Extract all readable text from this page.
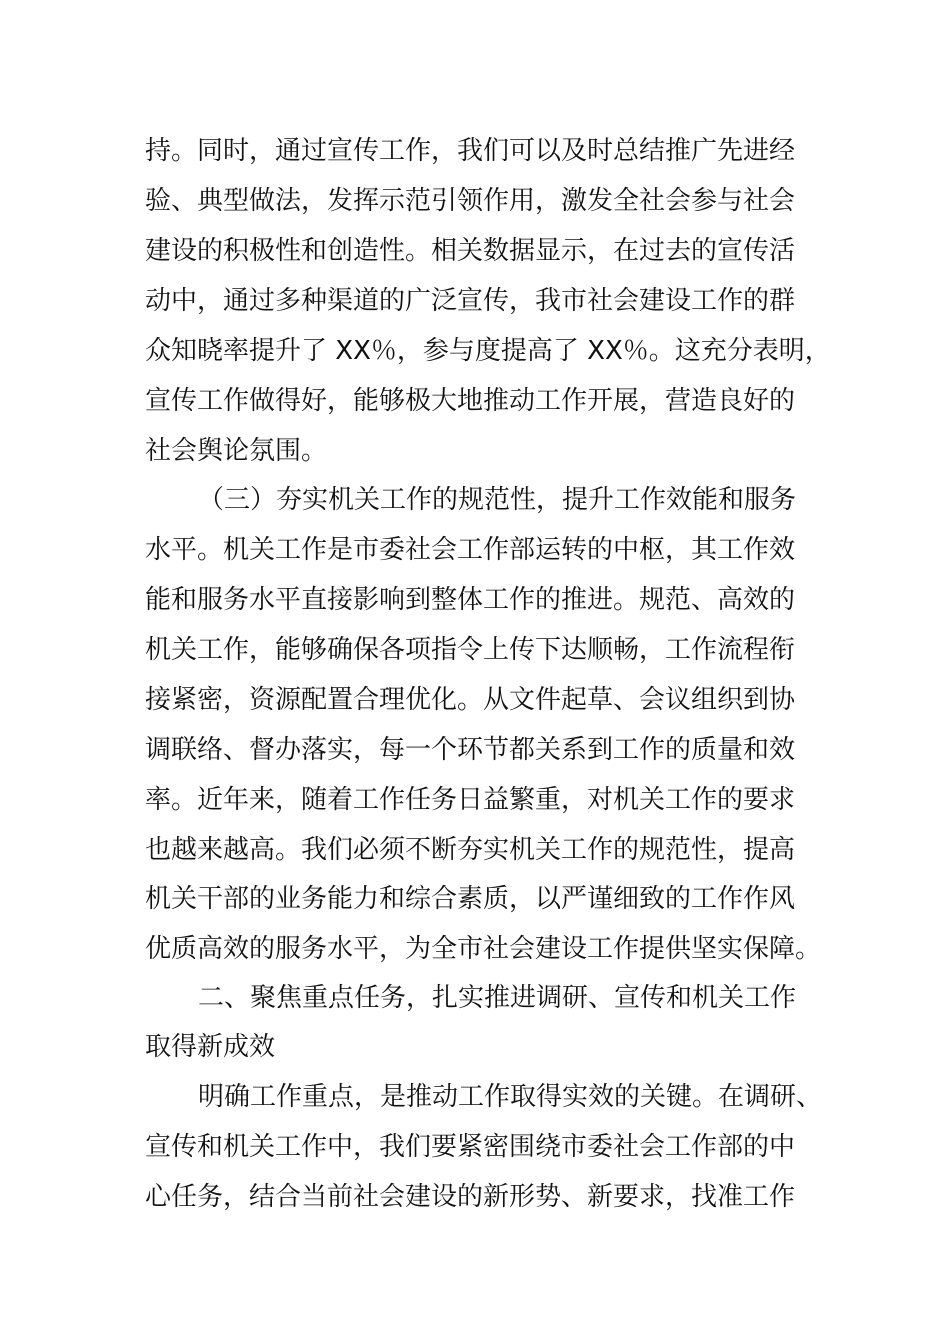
持。同时，通过宣传工作，我们可以及时总结推广先进经
验、典型做法，发挥示范引领作用，激发全社会参与社会
建设的积极性和创造性。相关数据显示，在过去的宣传活
动中，通过多种渠道的广泛宣传，我市社会建设工作的群
众知晓率提升了 XX％，参与度提高了 XX％。这充分表明，
宣传工作做得好，能够极大地推动工作开展，营造良好的
社会舆论氛围。
（三）夯实机关工作的规范性，提升工作效能和服务
水平。机关工作是市委社会工作部运转的中枢，其工作效
能和服务水平直接影响到整体工作的推进。规范、高效的
机关工作，能够确保各项指令上传下达顺畅，工作流程衔
接紧密，资源配置合理优化。从文件起草、会议组织到协
调联络、督办落实，每一个环节都关系到工作的质量和效
率。近年来，随着工作任务日益繁重，对机关工作的要求
也越来越高。我们必须不断夯实机关工作的规范性，提高
机关干部的业务能力和综合素质，以严谨细致的工作作风
优质高效的服务水平，为全市社会建设工作提供坚实保障。
二、聚焦重点任务，扎实推进调研、宣传和机关工作
取得新成效
明确工作重点，是推动工作取得实效的关键。在调研、
宣传和机关工作中，我们要紧密围绕市委社会工作部的中
心任务，结合当前社会建设的新形势、新要求，找准工作
